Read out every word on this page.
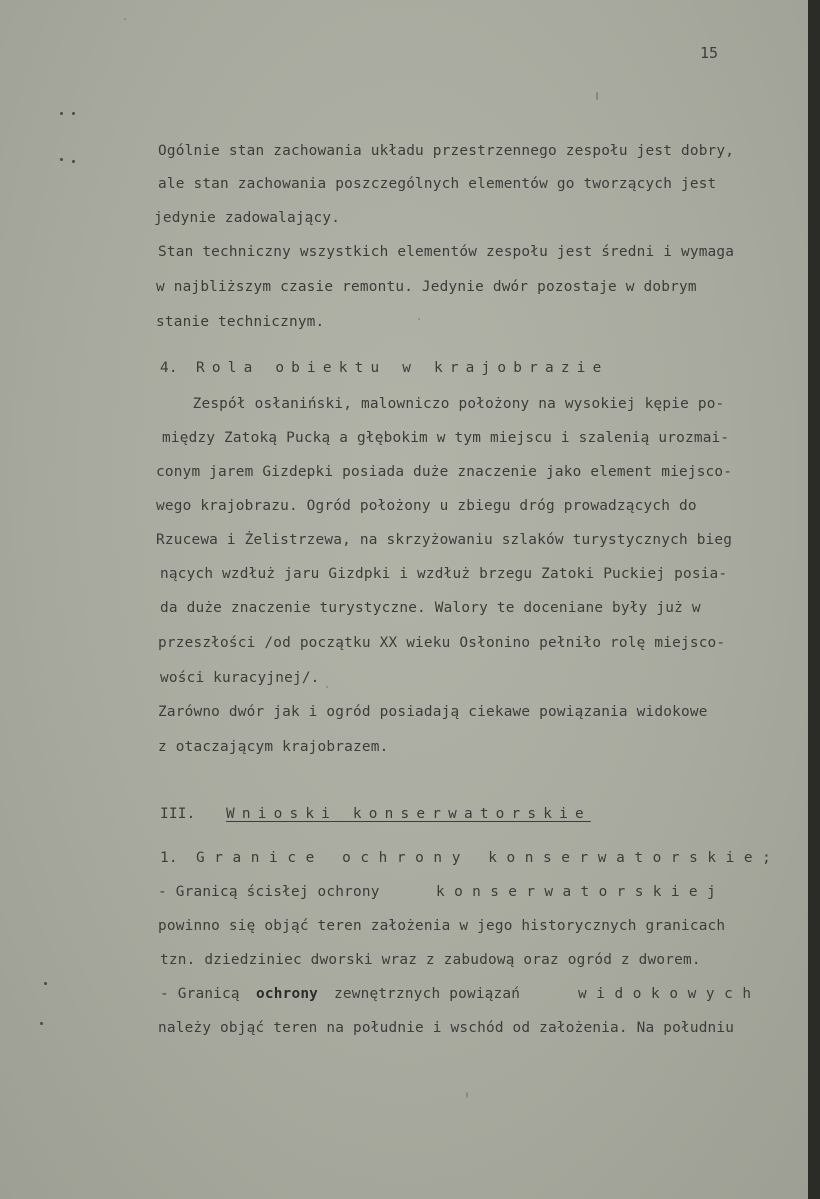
15
Ogólnie stan zachowania układu przestrzennego zespołu jest dobry,
ale stan zachowania poszczególnych elementów go tworzących jest
jedynie zadowalający.
Stan techniczny wszystkich elementów zespołu jest średni i wymaga
w najbliższym czasie remontu. Jedynie dwór pozostaje w dobrym
stanie technicznym.
4. Rola obiektu w krajobrazie
Zespół osłaniński, malowniczo położony na wysokiej kępie po-
między Zatoką Pucką a głębokim w tym miejscu i szalenią urozmai-
conym jarem Gizdepki posiada duże znaczenie jako element miejsco-
wego krajobrazu. Ogród położony u zbiegu dróg prowadzących do
Rzucewa i Żelistrzewa, na skrzyżowaniu szlaków turystycznych bieg
nących wzdłuż jaru Gizdpki i wzdłuż brzegu Zatoki Puckiej posia-
da duże znaczenie turystyczne. Walory te doceniane były już w
przeszłości /od początku XX wieku Osłonino pełniło rolę miejsco-
wości kuracyjnej/.
Zarówno dwór jak i ogród posiadają ciekawe powiązania widokowe
z otaczającym krajobrazem.
III. Wnioski konserwatorskie
1. Granice ochrony konserwatorskie;
- Granicą ścisłej ochrony	konserwatorskiej
powinno się objąć teren założenia w jego historycznych granicach
tzn. dziedziniec dworski wraz z zabudową oraz ogród z dworem.
- Granicą ochrony zewnętrznych powiązań	widokowych
należy objąć teren na południe i wschód od założenia. Na południu
